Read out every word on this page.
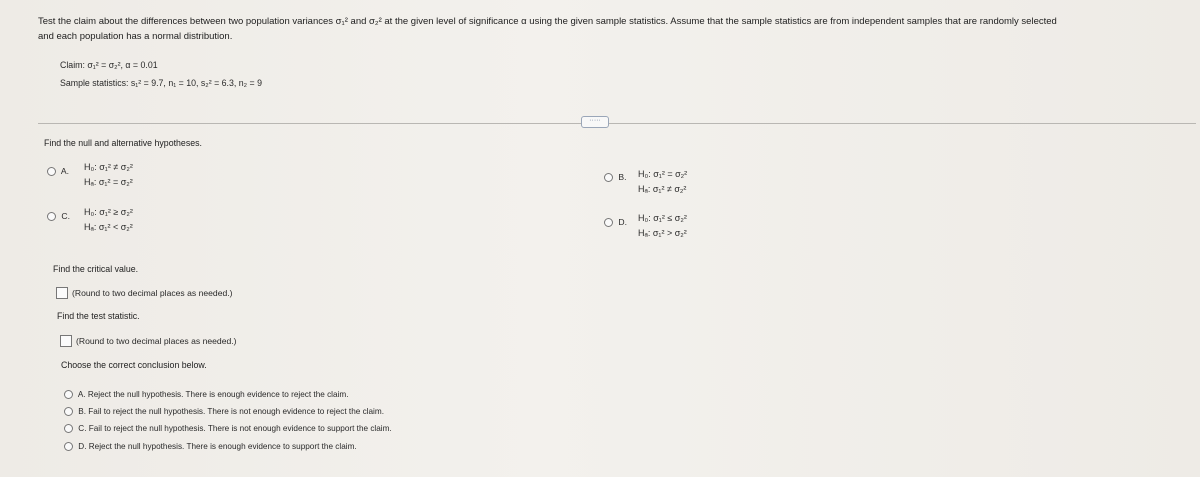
Test the claim about the differences between two population variances σ₁² and σ₂² at the given level of significance α using the given sample statistics. Assume that the sample statistics are from independent samples that are randomly selected
and each population has a normal distribution.
Claim: σ₁² = σ₂², α = 0.01
Sample statistics: s₁² = 9.7, n₁ = 10, s₂² = 6.3, n₂ = 9
·····
Find the null and alternative hypotheses.
A.	H₀: σ₁² ≠ σ₂²
Hₐ: σ₁² = σ₂²
C.	H₀: σ₁² ≥ σ₂²
Hₐ: σ₁² < σ₂²
B.	H₀: σ₁² = σ₂²
Hₐ: σ₁² ≠ σ₂²
D.	H₀: σ₁² ≤ σ₂²
Hₐ: σ₁² > σ₂²
Find the critical value.
(Round to two decimal places as needed.)
Find the test statistic.
(Round to two decimal places as needed.)
Choose the correct conclusion below.
A. Reject the null hypothesis. There is enough evidence to reject the claim.
B. Fail to reject the null hypothesis. There is not enough evidence to reject the claim.
C. Fail to reject the null hypothesis. There is not enough evidence to support the claim.
D. Reject the null hypothesis. There is enough evidence to support the claim.
